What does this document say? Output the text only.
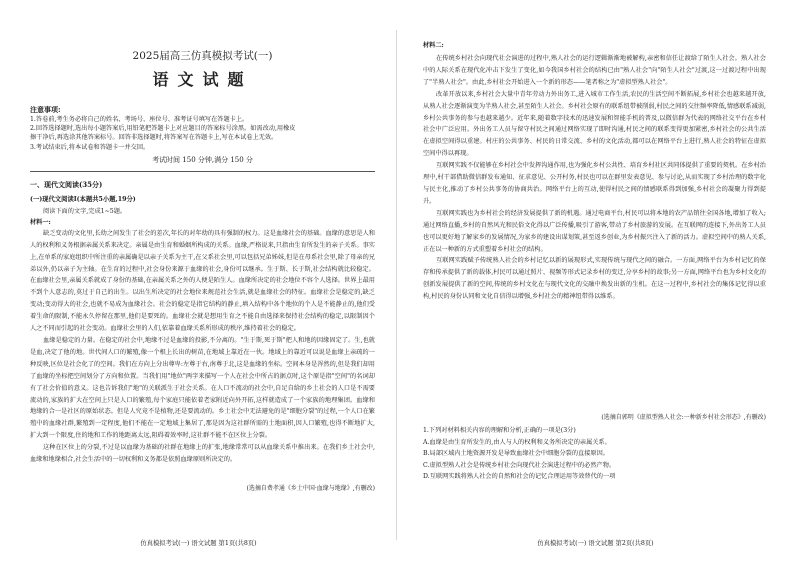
2025届高三仿真模拟考试(一)
语文试题

注意事项:

1.答卷前,考生务必将自己的姓名、考场号、座位号、准考证号填写在答题卡上。

2.回答选择题时,选出每小题答案后,用铅笔把答题卡上对应题目的答案标号涂黑。如需改动,用橡皮

擦干净后,再选涂其他答案标号。回答非选择题时,将答案写在答题卡上,写在本试卷上无效。

3.考试结束后,将本试卷和答题卡一并交回。

考试时间 150 分钟,满分 150 分

一、现代文阅读(35分)

(一)现代文阅读Ⅰ(本题共5小题,19分)

阅读下面的文字,完成1~5题。

材料一:

缺乏变动的文化里,长幼之间发生了社会的差次,年长的对年幼的具有强制的权力。这是血缘社会的基础。血缘的意思是人和人的权利和义务根据亲属关系来决定。亲属是由生育和婚姻所构成的关系。血缘,严格说来,只指由生育所发生的亲子关系。事实上,在单系的家庭组织中所注重的亲属确是以亲子关系为主干,在父系社会里,可以包括兄弟姊妹,但是在母系社会里,除了母亲的兄弟以外,仍以亲子为主轴。在生育的过程中,社会身份来源于血缘的社会,身份可以继承。生于斯、长于斯,社会结构就比较稳定。在血缘社会里,亲属关系就成了身份的基础,在亲属关系之外的人便是陌生人。血缘所决定的社会地位不容个人选择。世界上最用不到个人意志的,莫过于自己的出生。以出生所决定的社会地位来规范社会生活,就是血缘社会的特征。血缘社会是稳定的,缺乏变动;变动得大的社会,也就不易成为血缘社会。社会的稳定是指它结构的静止,填入结构中各个地位的个人是不能静止的,他们受着生命的限制,不能永久停留在那里,他们是要死的。血缘社会就是想用生育之不能自由选择来保持社会结构的稳定,以限制因个人之不同而引起的社会变动。血缘社会里的人们,依靠着血缘关系所形成的秩序,维持着社会的稳定。

血缘是稳定的力量。在稳定的社会中,地缘不过是血缘的投影,不分离的。"生于斯,死于斯"把人和地的因缘固定了。生,也就是血,决定了他的地。世代间人口的繁殖,像一个根上长出的树苗,在地域上靠近在一伙。地域上的靠近可以说是血缘上亲疏的一种反映,区位是社会化了的空间。我们在方向上分出尊卑:左尊于右,南尊于北,这是血缘的坐标。空间本身是浑然的,但是我们却用了血缘的坐标把空间划分了方向和位置。当我们用"地位"两字来描写一个人在社会中所占的据点时,这个原是指"空间"的名词却有了社会价值的意义。这也告诉我们"地"的关联派生于社会关系。在人口不流动的社会中,自足自给的乡土社会的人口是不需要流动的,家族的扩大在空间上只是人口的繁殖,每个家庭只能依着老家附近向外开拓,这样就造成了一个家族的地理集团。血缘和地缘的合一是社区的原始状态。但是人究竟不是植物,还是要流动的。乡土社会中无法避免的是"细胞分裂"的过程,一个人口在繁殖中的血缘社群,繁殖到一定程度,他们不能在一定地域上集居了,那是因为这社群所需的土地面积,因人口繁殖,也得不断地扩大,扩大到一个限度,住的地和工作的地距离太远,阻碍着效率时,这社群不能不在区位上分裂。

这种在区位上的分裂,不过是以血缘为基础的社群在地缘上的扩张,地缘常常可以从血缘关系中推出来。在我们乡土社会中,血缘和地缘相合,社会生活中的一切权利和义务都是依照血缘原则所决定的。

(选摘自费孝通《乡土中国·血缘与地缘》,有删改)

仿真模拟考试(一) 语文试题 第1页(共8页)

材料二:

在传统乡村社会向现代社会演进的过程中,熟人社会的运行逻辑渐渐地被解构,亲密和信任让渡给了陌生人社会。熟人社会中的人际关系在现代化冲击下发生了变化,如今我国乡村社会的结构已由"熟人社会"向"陌生人社会"过渡,这一过渡过程中出现了"半熟人社会"。由此,乡村社会开始进入一个新的形态——笔者称之为"虚拟型熟人社会"。

改革开放以来,乡村社会大量中青年劳动力外出务工,进入城市工作生活,农民的生活空间不断拓展,乡村社会也越来越开放,从熟人社会逐渐演变为半熟人社会,甚至陌生人社会。乡村社会原有的联系纽带被削弱,村民之间的交往频率降低,情感联系减弱,乡村公共事务的参与也越来越少。近年来,随着数字技术的迅速发展和智能手机的普及,以微信群为代表的网络社交平台在乡村社会中广泛应用。外出务工人员与留守村民之间通过网络实现了即时沟通,村民之间的联系变得更加紧密,乡村社会的公共生活在虚拟空间得以重建。村庄的公共事务、村民的日常交流、乡村的文化活动,都可以在网络平台上进行,熟人社会的特征在虚拟空间中得以再现。

互联网实践不仅能够在乡村社会中发挥沟通作用,也为强化乡村公共性、培育乡村社区共同体提供了重要的契机。在乡村治理中,村干部借助微信群发布通知、征求意见、公开村务,村民也可以在群里发表意见、参与讨论,从而实现了乡村治理的数字化与民主化,推动了乡村公共事务的协商共治。网络平台上的互动,使得村民之间的情感联系得到加强,乡村社会的凝聚力得到提升。

互联网实践也为乡村社会的经济发展提供了新的机遇。通过电商平台,村民可以将本地的农产品销往全国各地,增加了收入;通过网络直播,乡村的自然风光和民俗文化得以广泛传播,吸引了游客,带动了乡村旅游的发展。在互联网的连接下,外出务工人员也可以更好地了解家乡的发展情况,为家乡的建设出谋划策,甚至返乡创业,为乡村振兴注入了新的活力。虚拟空间中的熟人关系,正在以一种新的方式重塑着乡村社会的结构。

互联网实践赋予传统熟人社会的乡村记忆以新的展现形式,实现传统与现代之间的融合。一方面,网络平台为乡村记忆的保存和传承提供了新的载体,村民可以通过照片、视频等形式记录乡村的变迁,分享乡村的故事;另一方面,网络平台也为乡村文化的创新发展提供了新的空间,传统的乡村文化在与现代文化的交融中焕发出新的生机。在这一过程中,乡村社会的集体记忆得以重构,村民的身份认同和文化自信得以增强,乡村社会的精神纽带得以维系。

(选摘自郭明《虚拟型熟人社会:一种新乡村社会形态》,有删改)

1.下列对材料相关内容的理解和分析,正确的一项是(3分)

A.血缘是由生育所发生的,由人与人的权利和义务所决定的亲属关系。

B.局部区域内土地资源开发是导致血缘社会中细胞分裂的直接原因。

C.虚拟型熟人社会是传统乡村社会向现代社会演进过程中的必然产物。

D.互联网实践将熟人社会的自然和社会的记忆合理运用等效替代的一项

仿真模拟考试(一) 语文试题 第2页(共8页)
